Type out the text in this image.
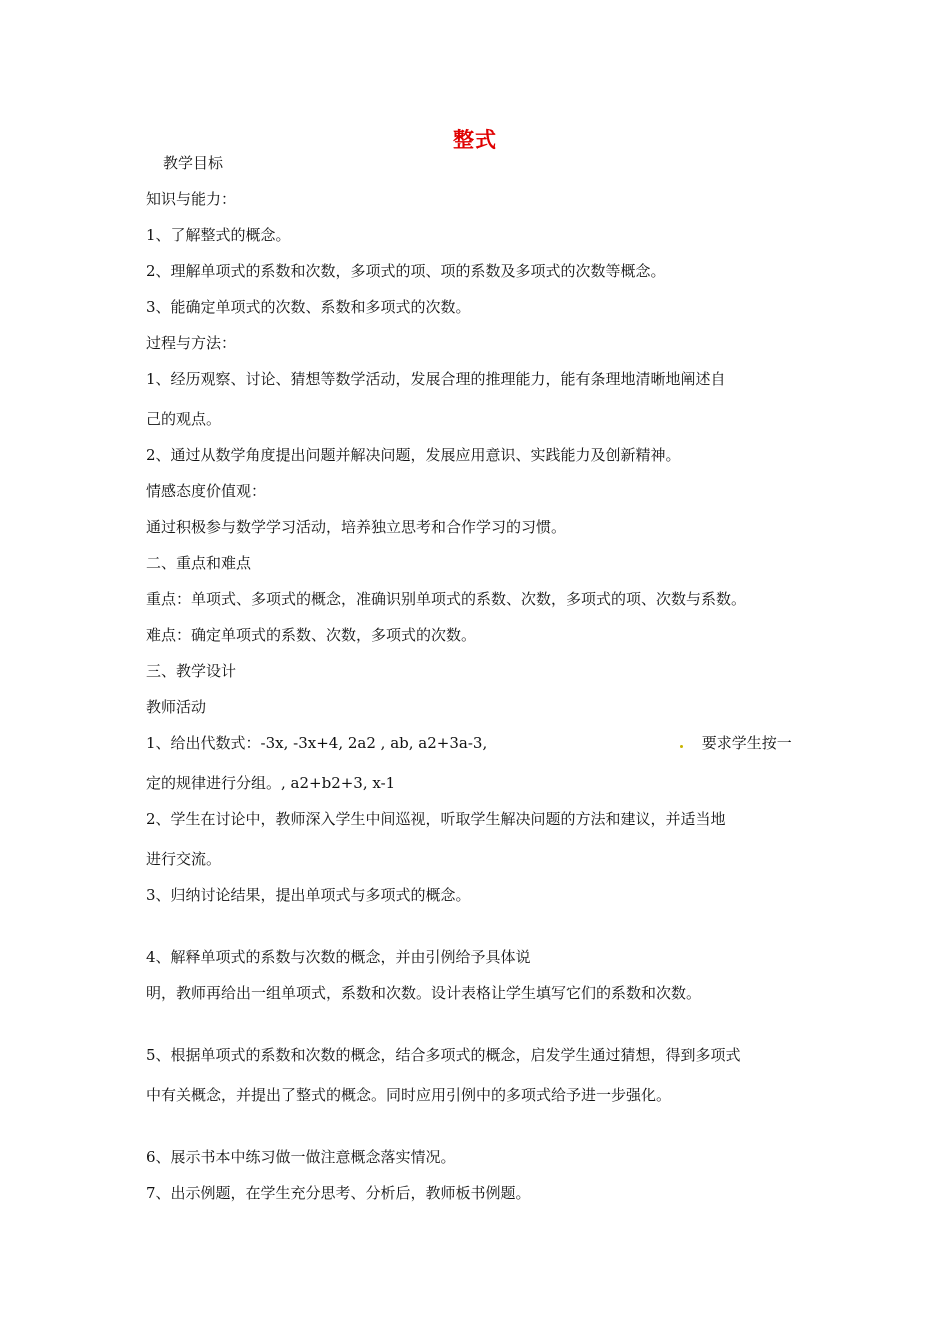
整式
教学目标
知识与能力：
1、了解整式的概念。
2、理解单项式的系数和次数，多项式的项、项的系数及多项式的次数等概念。
3、能确定单项式的次数、系数和多项式的次数。
过程与方法：
1、经历观察、讨论、猜想等数学活动，发展合理的推理能力，能有条理地清晰地阐述自
己的观点。
2、通过从数学角度提出问题并解决问题，发展应用意识、实践能力及创新精神。
情感态度价值观：
通过积极参与数学学习活动，培养独立思考和合作学习的习惯。
二、重点和难点
重点：单项式、多项式的概念，准确识别单项式的系数、次数，多项式的项、次数与系数。
难点：确定单项式的系数、次数，多项式的次数。
三、教学设计
教师活动
1、给出代数式：-3x, -3x+4, 2a2 , ab, a2+3a-3,	要求学生按一
定的规律进行分组。, a2+b2+3, x-1
2、学生在讨论中，教师深入学生中间巡视，听取学生解决问题的方法和建议，并适当地
进行交流。
3、归纳讨论结果，提出单项式与多项式的概念。
4、解释单项式的系数与次数的概念，并由引例给予具体说
明，教师再给出一组单项式，系数和次数。设计表格让学生填写它们的系数和次数。
5、根据单项式的系数和次数的概念，结合多项式的概念，启发学生通过猜想，得到多项式
中有关概念，并提出了整式的概念。同时应用引例中的多项式给予进一步强化。
6、展示书本中练习做一做注意概念落实情况。
7、出示例题，在学生充分思考、分析后，教师板书例题。
